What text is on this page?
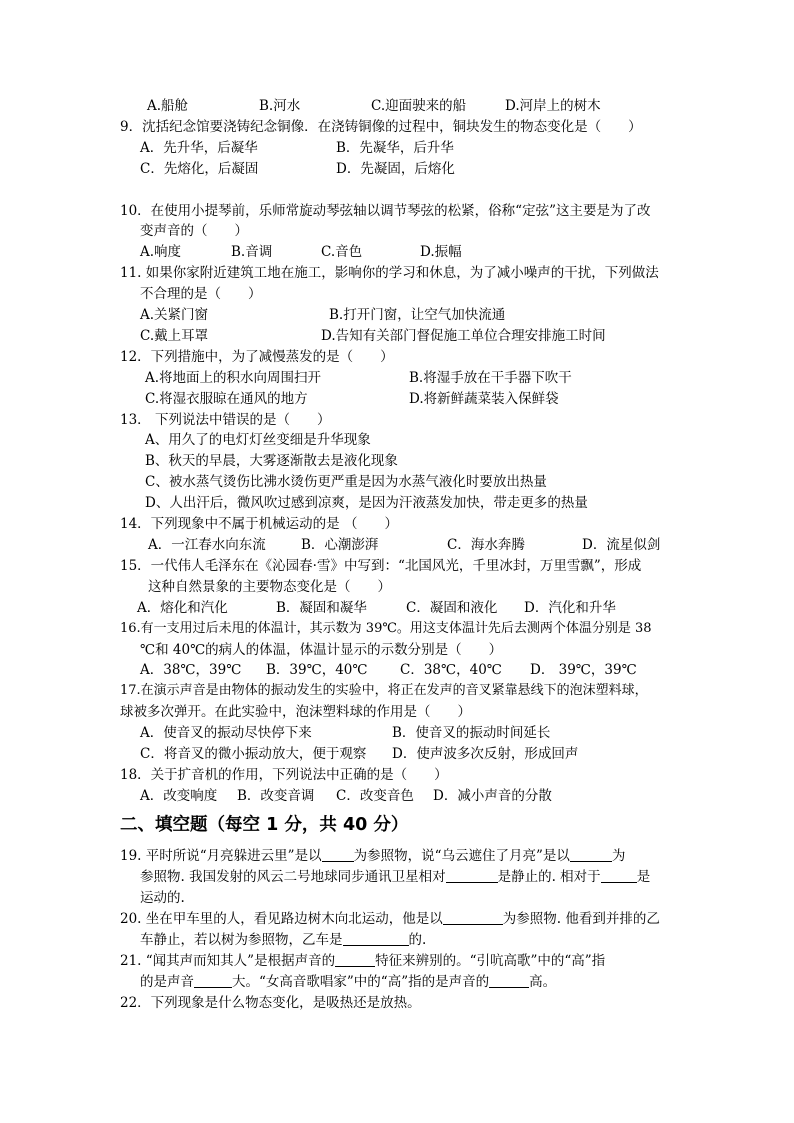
A.船舱	B.河水	C.迎面驶来的船	D.河岸上的树木
9．沈括纪念馆要浇铸纪念铜像．在浇铸铜像的过程中，铜块发生的物态变化是（　　）
A．先升华，后凝华	B．先凝华，后升华
C．先熔化，后凝固	D．先凝固，后熔化
10．在使用小提琴前，乐师常旋动琴弦轴以调节琴弦的松紧，俗称“定弦”这主要是为了改
变声音的（　　）
A.响度	B.音调	C.音色	D.振幅
11. 如果你家附近建筑工地在施工，影响你的学习和休息，为了减小噪声的干扰，下列做法
不合理的是（　　）
A.关紧门窗	B.打开门窗，让空气加快流通
C.戴上耳罩	D.告知有关部门督促施工单位合理安排施工时间
12．下列措施中，为了减慢蒸发的是（　　）
A.将地面上的积水向周围扫开	B.将湿手放在干手器下吹干
C.将湿衣服晾在通风的地方	D.将新鲜蔬菜装入保鲜袋
13． 下列说法中错误的是（　　）
A、用久了的电灯灯丝变细是升华现象
B、秋天的早晨，大雾逐渐散去是液化现象
C、被水蒸气烫伤比沸水烫伤更严重是因为水蒸气液化时要放出热量
D、人出汗后，微风吹过感到凉爽，是因为汗液蒸发加快，带走更多的热量
14．下列现象中不属于机械运动的是 （　　）
A．一江春水向东流	B．心潮澎湃	C．海水奔腾	D．流星似剑
15．一代伟人毛泽东在《沁园春·雪》中写到：“北国风光，千里冰封，万里雪飘”，形成
这种自然景象的主要物态变化是（　　）
A．熔化和汽化	B．凝固和凝华	C．凝固和液化 D．汽化和升华
16.有一支用过后未甩的体温计，其示数为 39℃。用这支体温计先后去测两个体温分别是 38
℃和 40℃的病人的体温，体温计显示的示数分别是（　　）
A．38℃，39℃ B．39℃，40℃ C．38℃，40℃ D． 39℃，39℃
17.在演示声音是由物体的振动发生的实验中，将正在发声的音叉紧靠悬线下的泡沫塑料球，
球被多次弹开。在此实验中，泡沫塑料球的作用是（　　）
A．使音叉的振动尽快停下来	B．使音叉的振动时间延长
C．将音叉的微小振动放大，便于观察 D．使声波多次反射，形成回声
18．关于扩音机的作用，下列说法中正确的是（　　）
A．改变响度 B．改变音调 C．改变音色 D．减小声音的分散
二、填空题（每空 1 分，共 40 分）
19. 平时所说“月亮躲进云里”是以 为参照物，说“乌云遮住了月亮”是以	为
参照物. 我国发射的风云二号地球同步通讯卫星相对	是静止的. 相对于	是
运动的.
20. 坐在甲车里的人，看见路边树木向北运动，他是以	为参照物. 他看到并排的乙
车静止，若以树为参照物，乙车是	的.
21. “闻其声而知其人”是根据声音的	特征来辨别的。“引吭高歌”中的“高”指
的是声音	大。“女高音歌唱家”中的“高”指的是声音的	高。
22．下列现象是什么物态变化，是吸热还是放热。
